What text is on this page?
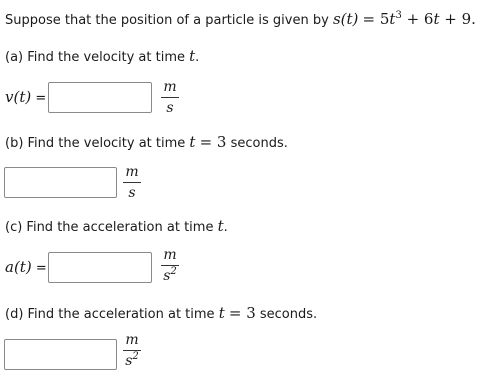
Suppose that the position of a particle is given by $s(t) = 5t^3 + 6t + 9$.
(a) Find the velocity at time t.
v(t) =
m
s
(b) Find the velocity at time t = 3 seconds.
m
s
(c) Find the acceleration at time t.
a(t) =
m
$s^2$
(d) Find the acceleration at time t = 3 seconds.
m
$s^2$
